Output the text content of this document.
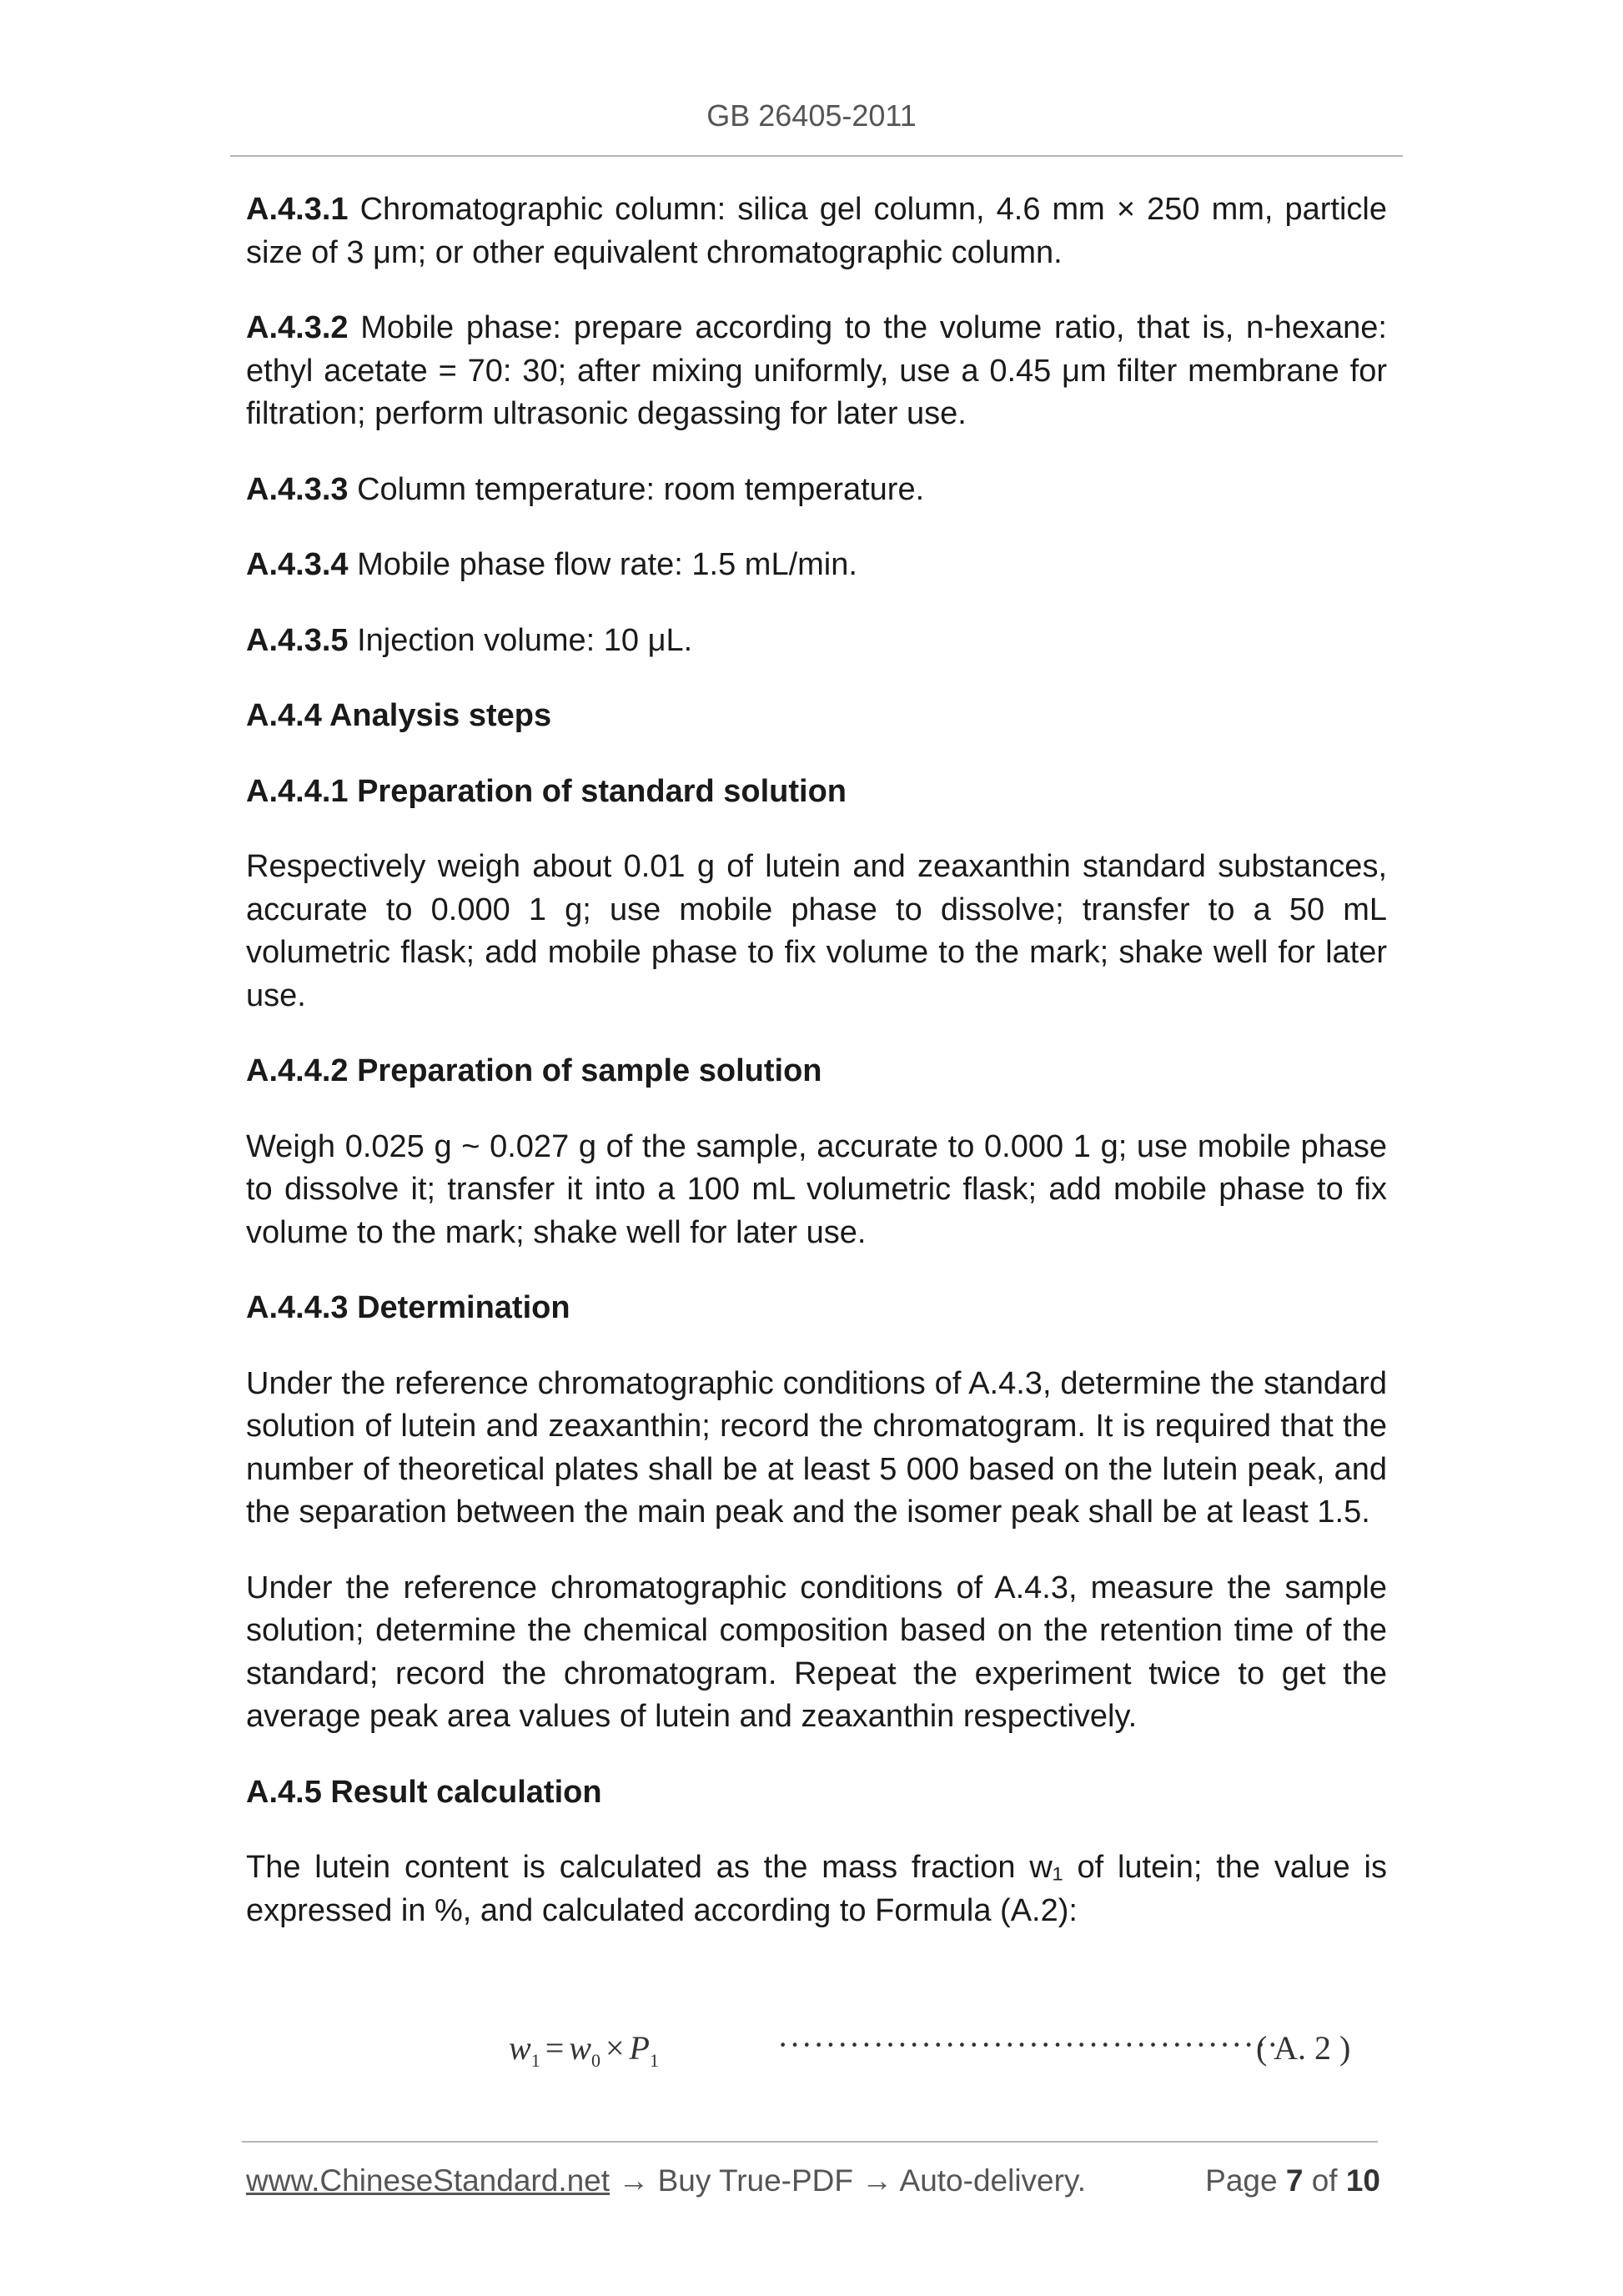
GB 26405-2011

A.4.3.1 Chromatographic column: silica gel column, 4.6 mm × 250 mm, particle size of 3 μm; or other equivalent chromatographic column.

A.4.3.2 Mobile phase: prepare according to the volume ratio, that is, n-hexane: ethyl acetate = 70: 30; after mixing uniformly, use a 0.45 μm filter membrane for filtration; perform ultrasonic degassing for later use.

A.4.3.3 Column temperature: room temperature.

A.4.3.4 Mobile phase flow rate: 1.5 mL/min.

A.4.3.5 Injection volume: 10 μL.

A.4.4 Analysis steps

A.4.4.1 Preparation of standard solution

Respectively weigh about 0.01 g of lutein and zeaxanthin standard substances, accurate to 0.000 1 g; use mobile phase to dissolve; transfer to a 50 mL volumetric flask; add mobile phase to fix volume to the mark; shake well for later use.

A.4.4.2 Preparation of sample solution

Weigh 0.025 g ~ 0.027 g of the sample, accurate to 0.000 1 g; use mobile phase to dissolve it; transfer it into a 100 mL volumetric flask; add mobile phase to fix volume to the mark; shake well for later use.

A.4.4.3 Determination

Under the reference chromatographic conditions of A.4.3, determine the standard solution of lutein and zeaxanthin; record the chromatogram. It is required that the number of theoretical plates shall be at least 5 000 based on the lutein peak, and the separation between the main peak and the isomer peak shall be at least 1.5.

Under the reference chromatographic conditions of A.4.3, measure the sample solution; determine the chemical composition based on the retention time of the standard; record the chromatogram. Repeat the experiment twice to get the average peak area values of lutein and zeaxanthin respectively.

A.4.5 Result calculation

The lutein content is calculated as the mass fraction w₁ of lutein; the value is expressed in %, and calculated according to Formula (A.2):

$w_1 = w_0 \times P_1$	··········································
( A. 2 )
www.ChineseStandard.net → Buy True-PDF → Auto-delivery.	Page 7 of 10
